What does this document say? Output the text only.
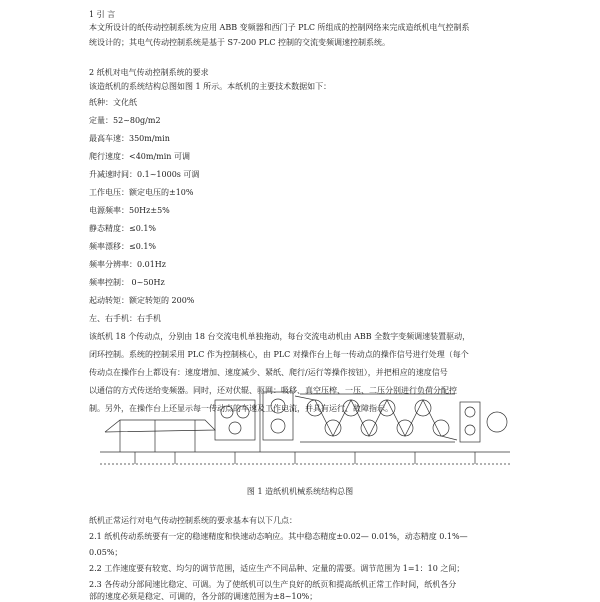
1 引 言
本文所设计的纸传动控制系统为应用 ABB 变频器和西门子 PLC 所组成的控制网络来完成造纸机电气控制系
统设计的；其电气传动控制系统是基于 S7-200 PLC 控制的交流变频调速控制系统。
2 纸机对电气传动控制系统的要求
该造纸机的系统结构总图如图 1 所示。本纸机的主要技术数据如下：
纸种：文化纸
定量：52~80g/m2
最高车速：350m/min
爬行速度：<40m/min 可调
升减速时间：0.1~1000s 可调
工作电压：额定电压的±10%
电源频率：50Hz±5%
静态精度：≤0.1%
频率漂移：≤0.1%
频率分辨率：0.01Hz
频率控制： 0~50Hz
起动转矩：额定转矩的 200%
左、右手机：右手机
该纸机 18 个传动点，分别由 18 台交流电机单独拖动，每台交流电动机由 ABB 全数字变频调速装置驱动，
闭环控制。系统的控制采用 PLC 作为控制核心，由 PLC 对操作台上每一传动点的操作信号进行处理（每个
传动点在操作台上都设有：速度增加、速度减少、紧纸、爬行/运行等操作按钮），并把相应的速度信号
以通信的方式传送给变频器。同时，还对伏辊、驱网：吸移、真空压榨、一压、二压分别进行负荷分配控
制。另外，在操作台上还显示每一传动点的车速及工作电流，并具有运行、故障指示。
图 1 造纸机机械系统结构总图
纸机正常运行对电气传动控制系统的要求基本有以下几点：
2.1 纸机传动系统要有一定的稳速精度和快速动态响应。其中稳态精度±0.02— 0.01%，动态精度 0.1%—
0.05%；
2.2 工作速度要有较宽、均匀的调节范围，适应生产不同品种、定量的需要。调节范围为 1=1：10 之间；
2.3 各传动分部间速比稳定、可调。为了使纸机可以生产良好的纸页和提高纸机正常工作时间，纸机各分
部的速度必须是稳定、可调的，各分部的调速范围为±8~10%；
